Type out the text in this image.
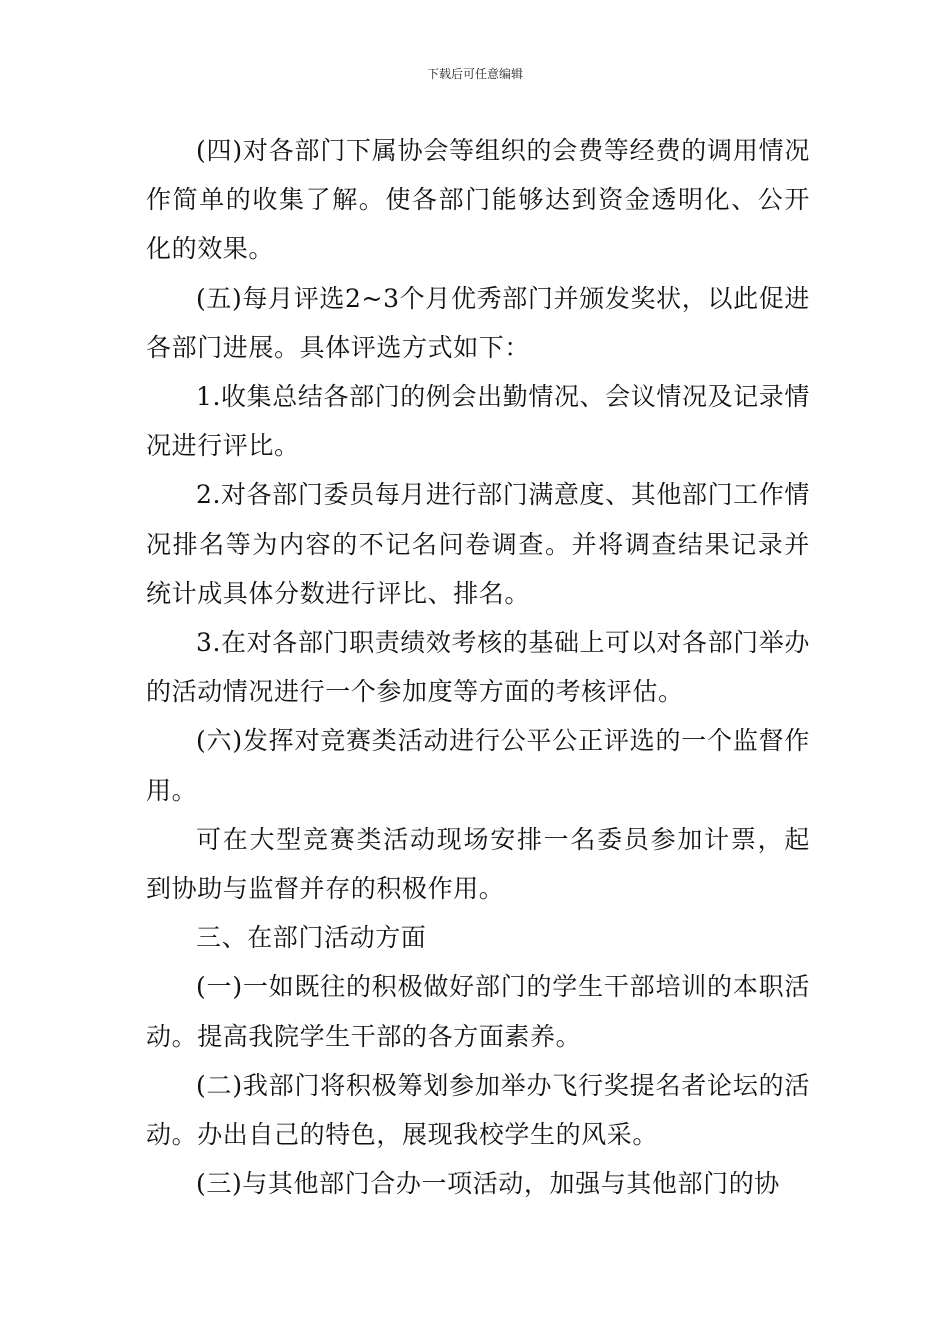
下载后可任意编辑

(四)对各部门下属协会等组织的会费等经费的调用情况作简单的收集了解。使各部门能够达到资金透明化、公开化的效果。

(五)每月评选2~3个月优秀部门并颁发奖状，以此促进各部门进展。具体评选方式如下：

1.收集总结各部门的例会出勤情况、会议情况及记录情况进行评比。

2.对各部门委员每月进行部门满意度、其他部门工作情况排名等为内容的不记名问卷调查。并将调查结果记录并统计成具体分数进行评比、排名。

3.在对各部门职责绩效考核的基础上可以对各部门举办的活动情况进行一个参加度等方面的考核评估。

(六)发挥对竞赛类活动进行公平公正评选的一个监督作用。

可在大型竞赛类活动现场安排一名委员参加计票，起到协助与监督并存的积极作用。

三、在部门活动方面

(一)一如既往的积极做好部门的学生干部培训的本职活动。提高我院学生干部的各方面素养。

(二)我部门将积极筹划参加举办飞行奖提名者论坛的活动。办出自己的特色，展现我校学生的风采。

(三)与其他部门合办一项活动，加强与其他部门的协
